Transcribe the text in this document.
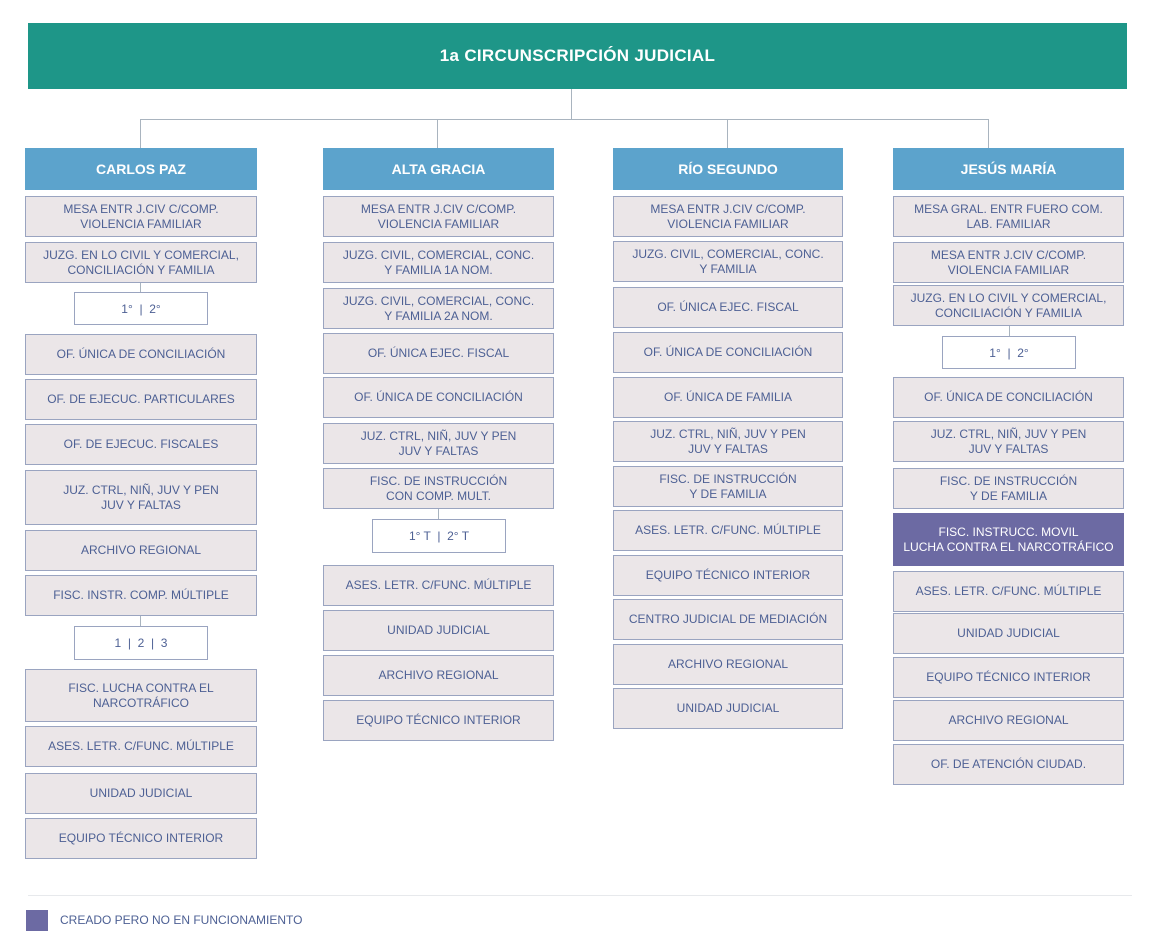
1a CIRCUNSCRIPCIÓN JUDICIAL
CARLOS PAZ
MESA ENTR J.CIV C/COMP.
VIOLENCIA FAMILIAR
JUZG. EN LO CIVIL Y COMERCIAL,
CONCILIACIÓN Y FAMILIA
1°  |  2°
OF. ÚNICA DE CONCILIACIÓN
OF. DE EJECUC. PARTICULARES
OF. DE EJECUC. FISCALES
JUZ. CTRL, NIÑ, JUV Y PEN
JUV Y FALTAS
ARCHIVO REGIONAL
FISC. INSTR. COMP. MÚLTIPLE
1  |  2  |  3
FISC. LUCHA CONTRA EL
NARCOTRÁFICO
ASES. LETR. C/FUNC. MÚLTIPLE
UNIDAD JUDICIAL
EQUIPO TÉCNICO INTERIOR
ALTA GRACIA
MESA ENTR J.CIV C/COMP.
VIOLENCIA FAMILIAR
JUZG. CIVIL, COMERCIAL, CONC.
Y FAMILIA 1A NOM.
JUZG. CIVIL, COMERCIAL, CONC.
Y FAMILIA 2A NOM.
OF. ÚNICA EJEC. FISCAL
OF. ÚNICA DE CONCILIACIÓN
JUZ. CTRL, NIÑ, JUV Y PEN
JUV Y FALTAS
FISC. DE INSTRUCCIÓN
CON COMP. MULT.
1° T  |  2° T
ASES. LETR. C/FUNC. MÚLTIPLE
UNIDAD JUDICIAL
ARCHIVO REGIONAL
EQUIPO TÉCNICO INTERIOR
RÍO SEGUNDO
MESA ENTR J.CIV C/COMP.
VIOLENCIA FAMILIAR
JUZG. CIVIL, COMERCIAL, CONC.
Y FAMILIA
OF. ÚNICA EJEC. FISCAL
OF. ÚNICA DE CONCILIACIÓN
OF. ÚNICA DE FAMILIA
JUZ. CTRL, NIÑ, JUV Y PEN
JUV Y FALTAS
FISC. DE INSTRUCCIÓN
Y DE FAMILIA
ASES. LETR. C/FUNC. MÚLTIPLE
EQUIPO TÉCNICO INTERIOR
CENTRO JUDICIAL DE MEDIACIÓN
ARCHIVO REGIONAL
UNIDAD JUDICIAL
JESÚS MARÍA
MESA GRAL. ENTR FUERO COM.
LAB. FAMILIAR
MESA ENTR J.CIV C/COMP.
VIOLENCIA FAMILIAR
JUZG. EN LO CIVIL Y COMERCIAL,
CONCILIACIÓN Y FAMILIA
1°  |  2°
OF. ÚNICA DE CONCILIACIÓN
JUZ. CTRL, NIÑ, JUV Y PEN
JUV Y FALTAS
FISC. DE INSTRUCCIÓN
Y DE FAMILIA
FISC. INSTRUCC. MOVIL
LUCHA CONTRA EL NARCOTRÁFICO
ASES. LETR. C/FUNC. MÚLTIPLE
UNIDAD JUDICIAL
EQUIPO TÉCNICO INTERIOR
ARCHIVO REGIONAL
OF. DE ATENCIÓN CIUDAD.
CREADO PERO NO EN FUNCIONAMIENTO
